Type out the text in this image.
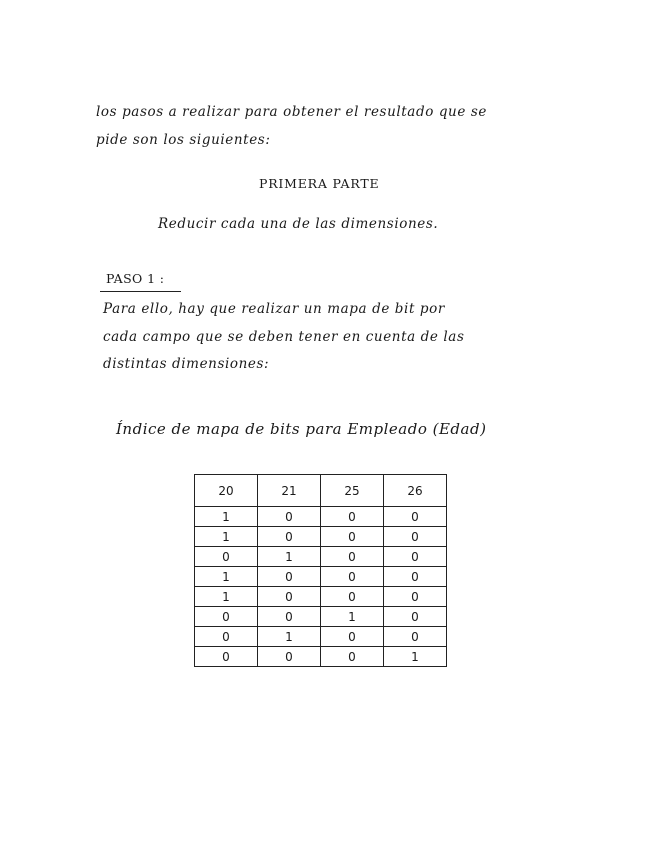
los pasos a realizar para obtener el resultado que se
pide son los siguientes:
PRIMERA PARTE
Reducir cada una de las dimensiones.
PASO 1 :
Para ello, hay que realizar un mapa de bit por
cada campo que se deben tener en cuenta de las
distintas dimensiones:
Índice de mapa de bits para Empleado (Edad)
20	21	25	26
1	0	0	0
1	0	0	0
0	1	0	0
1	0	0	0
1	0	0	0
0	0	1	0
0	1	0	0
0	0	0	1
